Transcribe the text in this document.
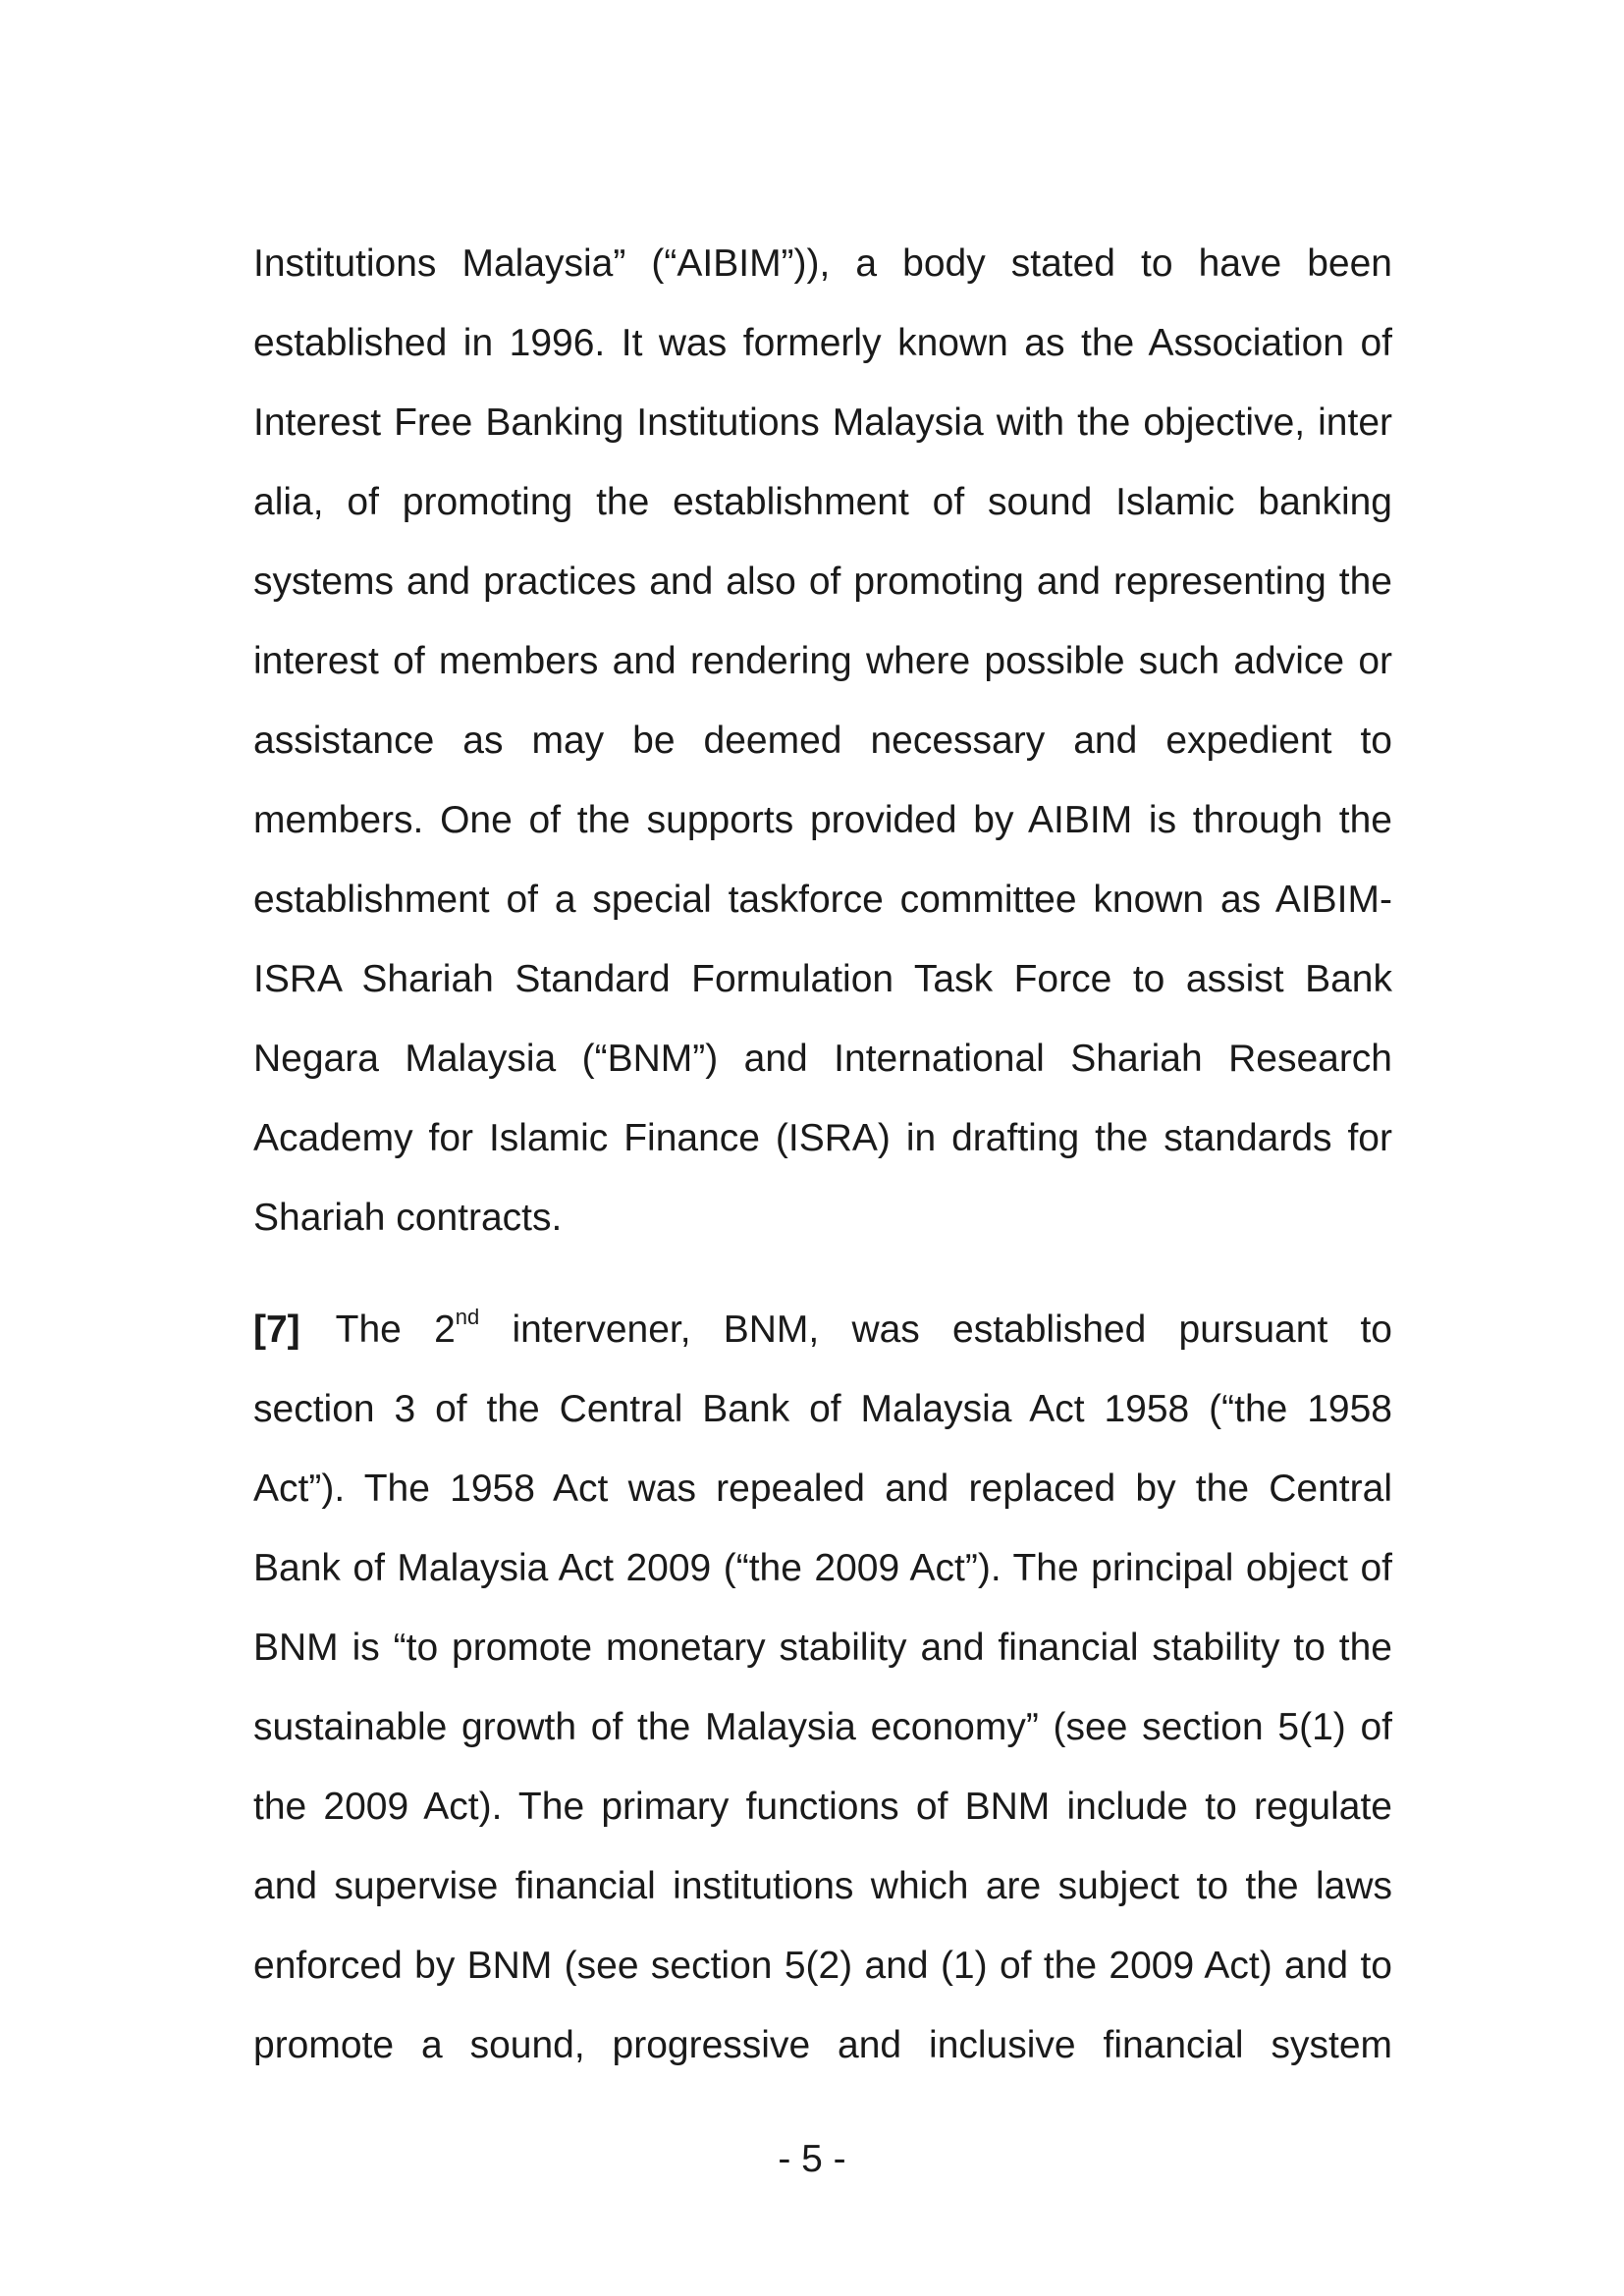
Institutions Malaysia” (“AIBIM”)), a body stated to have been
established in 1996. It was formerly known as the Association of
Interest Free Banking Institutions Malaysia with the objective, inter
alia, of promoting the establishment of sound Islamic banking
systems and practices and also of promoting and representing the
interest of members and rendering where possible such advice or
assistance as may be deemed necessary and expedient to
members. One of the supports provided by AIBIM is through the
establishment of a special taskforce committee known as AIBIM-
ISRA Shariah Standard Formulation Task Force to assist Bank
Negara Malaysia (“BNM”) and International Shariah Research
Academy for Islamic Finance (ISRA) in drafting the standards for
Shariah contracts.
[7] The 2nd intervener, BNM, was established pursuant to
section 3 of the Central Bank of Malaysia Act 1958 (“the 1958
Act”). The 1958 Act was repealed and replaced by the Central
Bank of Malaysia Act 2009 (“the 2009 Act”). The principal object of
BNM is “to promote monetary stability and financial stability to the
sustainable growth of the Malaysia economy” (see section 5(1) of
the 2009 Act). The primary functions of BNM include to regulate
and supervise financial institutions which are subject to the laws
enforced by BNM (see section 5(2) and (1) of the 2009 Act) and to
promote a sound, progressive and inclusive financial system
- 5 -
